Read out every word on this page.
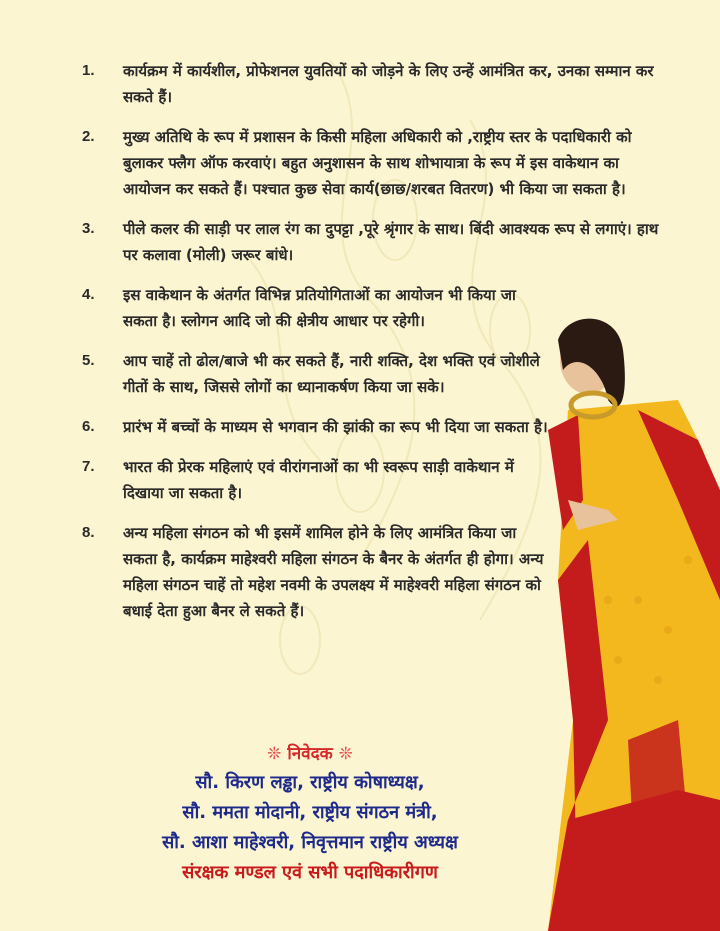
1. कार्यक्रम में कार्यशील, प्रोफेशनल युवतियों को जोड़ने के लिए उन्हें आमंत्रित कर, उनका सम्मान कर सकते हैं।
2. मुख्य अतिथि के रूप में प्रशासन के किसी महिला अधिकारी को ,राष्ट्रीय स्तर के पदाधिकारी को बुलाकर फ्लैग ऑफ करवाएं। बहुत अनुशासन के साथ शोभायात्रा के रूप में इस वाकेथान का आयोजन कर सकते हैं। पश्चात कुछ सेवा कार्य(छाछ/शरबत वितरण) भी किया जा सकता है।
3. पीले कलर की साड़ी पर लाल रंग का दुपट्टा ,पूरे श्रृंगार के साथ। बिंदी आवश्यक रूप से लगाएं। हाथ पर कलावा (मोली) जरूर बांधे।
4. इस वाकेथान के अंतर्गत विभिन्न प्रतियोगिताओं का आयोजन भी किया जा सकता है। स्लोगन आदि जो की क्षेत्रीय आधार पर रहेगी।
5. आप चाहें तो ढोल/बाजे भी कर सकते हैं, नारी शक्ति, देश भक्ति एवं जोशीले गीतों के साथ, जिससे लोगों का ध्यानाकर्षण किया जा सके।
6. प्रारंभ में बच्चों के माध्यम से भगवान की झांकी का रूप भी दिया जा सकता है।
7. भारत की प्रेरक महिलाएं एवं वीरांगनाओं का भी स्वरूप साड़ी वाकेथान में दिखाया जा सकता है।
8. अन्य महिला संगठन को भी इसमें शामिल होने के लिए आमंत्रित किया जा सकता है, कार्यक्रम माहेश्वरी महिला संगठन के बैनर के अंतर्गत ही होगा। अन्य महिला संगठन चाहें तो महेश नवमी के उपलक्ष्य में माहेश्वरी महिला संगठन को बधाई देता हुआ बैनर ले सकते हैं।
❊ निवेदक ❊
सौ. किरण लड्ढा, राष्ट्रीय कोषाध्यक्ष,
सौ. ममता मोदानी, राष्ट्रीय संगठन मंत्री,
सौ. आशा माहेश्वरी, निवृत्तमान राष्ट्रीय अध्यक्ष
संरक्षक मण्डल एवं सभी पदाधिकारीगण
